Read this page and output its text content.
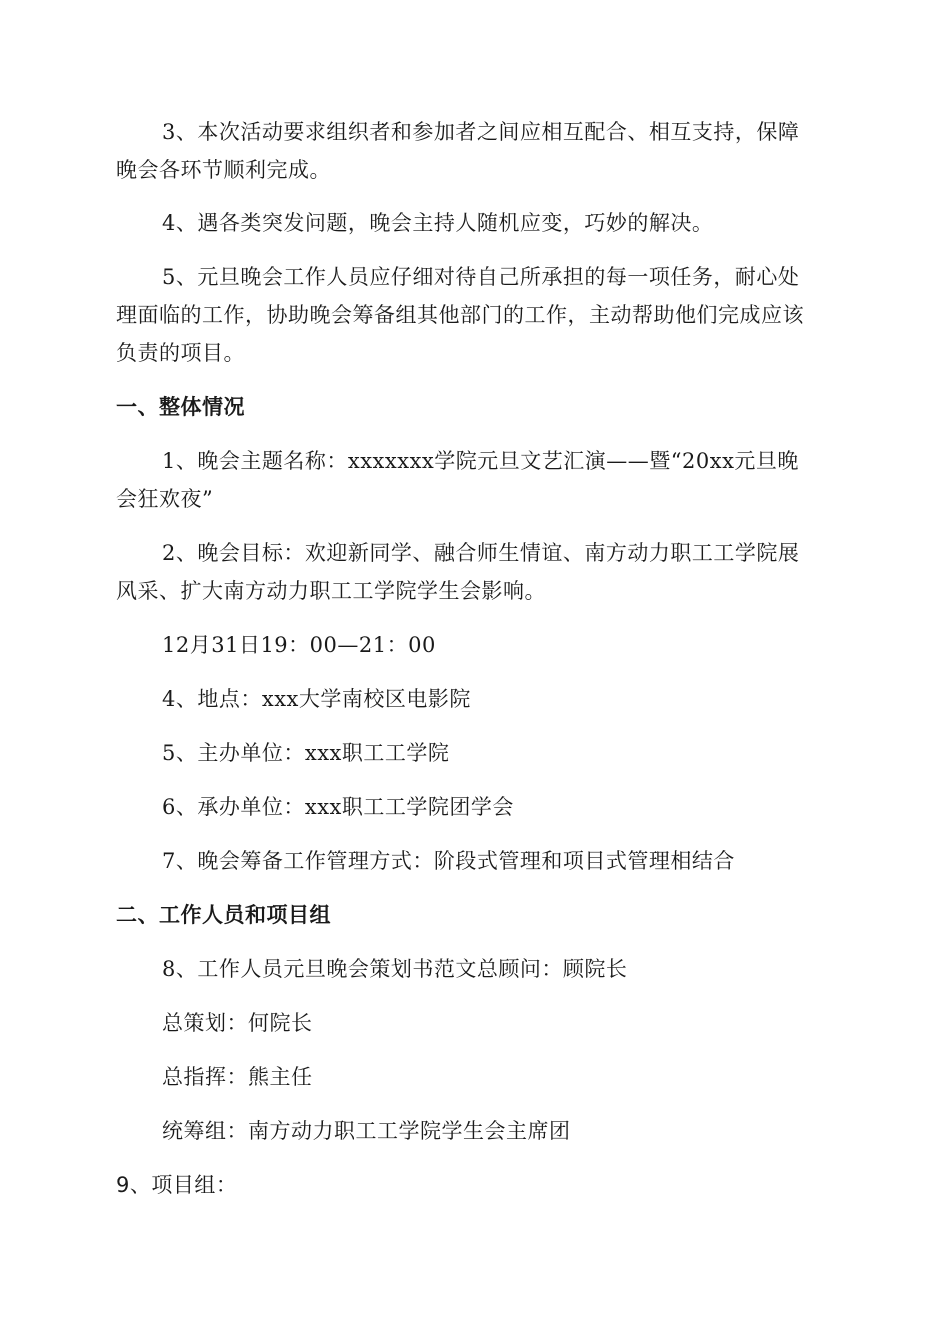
3、本次活动要求组织者和参加者之间应相互配合、相互支持，保障
晚会各环节顺利完成。
4、遇各类突发问题，晚会主持人随机应变，巧妙的解决。
5、元旦晚会工作人员应仔细对待自己所承担的每一项任务，耐心处
理面临的工作，协助晚会筹备组其他部门的工作，主动帮助他们完成应该
负责的项目。
一、整体情况
1、晚会主题名称：xxxxxxx学院元旦文艺汇演——暨“20xx元旦晚
会狂欢夜”
2、晚会目标：欢迎新同学、融合师生情谊、南方动力职工工学院展
风采、扩大南方动力职工工学院学生会影响。
12月31日19：00—21：00
4、地点：xxx大学南校区电影院
5、主办单位：xxx职工工学院
6、承办单位：xxx职工工学院团学会
7、晚会筹备工作管理方式：阶段式管理和项目式管理相结合
二、工作人员和项目组
8、工作人员元旦晚会策划书范文总顾问：顾院长
总策划：何院长
总指挥：熊主任
统筹组：南方动力职工工学院学生会主席团
9、项目组：
